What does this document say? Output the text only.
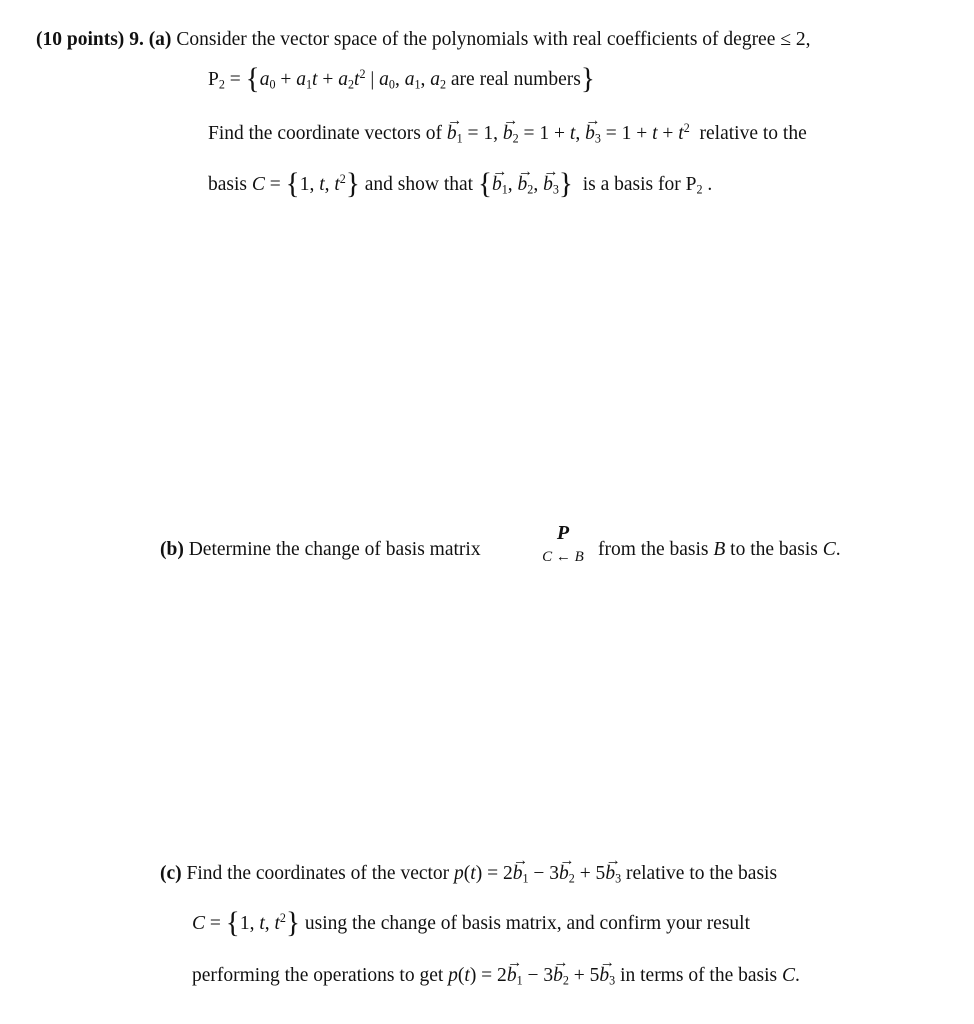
(10 points) 9. (a) Consider the vector space of the polynomials with real coefficients of degree ≤ 2,
$P_2 = \{a_0 + a_1t + a_2t^2$ | $a_0$, $a_1$, $a_2$ are real numbers}
Find the coordinate vectors of $b \to_1 = 1$, $b \to_2 = 1 + t$, $b \to_3 = 1 + t + t^2$ relative to the
basis C = {1, t, $t^2$} and show that {$b \to_1$, $b \to_2$, $b \to_3$} is a basis for $P_2$ .
(b) Determine the change of basis matrix
P
C ← B from the basis B to the basis C.
(c) Find the coordinates of the vector $p(t) = 2b \to_1 - 3b \to_2 + 5b \to_3$ relative to the basis
C = {1, t, $t^2$} using the change of basis matrix, and confirm your result
performing the operations to get $p(t) = 2b \to_1 - 3b \to_2 + 5b \to_3$ in terms of the basis C.
